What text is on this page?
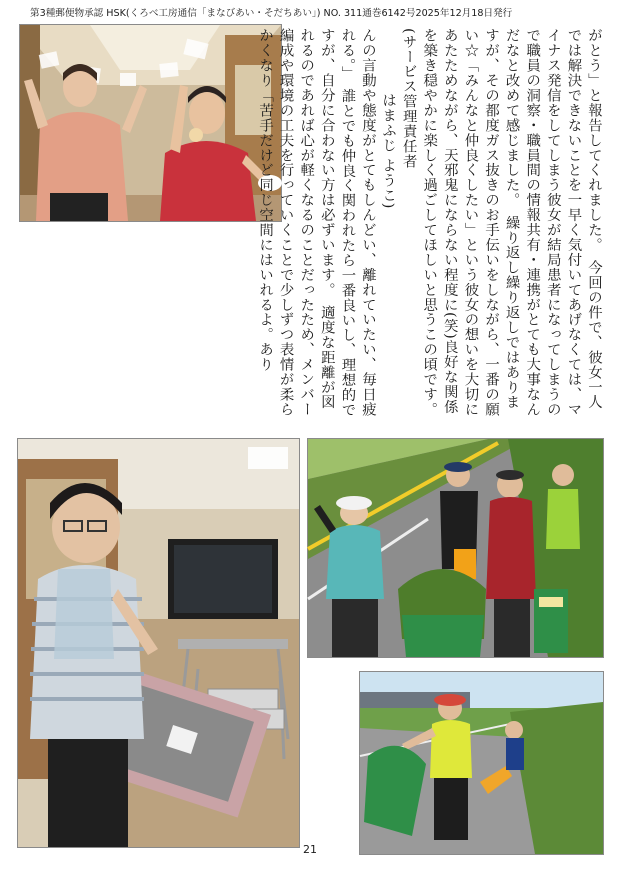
第3種郵便物承認 HSK(くろべ工房通信「まなびあい・そだちあい」) NO. 311通巻6142号2025年12月18日発行

がとう」と報告してくれました。　今回の件で、彼女一人では解決できないことを一早く気付いてあげなくては、マイナス発信をしてしまう彼女が結局患者になってしまうので職員の洞察・職員間の情報共有・連携がとても大事なんだなと改めて感じました。　繰り返し繰り返しではありますが、その都度ガス抜きのお手伝いをしながら、一番の願い☆「みんなと仲良くしたい」という彼女の想いを大切にあたためながら、天邪鬼にならない程度に(笑)良好な関係を築き穏やかに楽しく過ごしてほしいと思うこの頃です。

(サービス管理責任者

はまふじ ようこ)

んの言動や態度がとてもしんどい、離れていたい、毎日疲れる。」　誰とでも仲良く関われたら一番良いし、理想的ですが、自分に合わない方は必ずいます。　適度な距離が図れるのであれば心が軽くなるのことだったため、メンバー編成や環境の工夫を行っていくことで少しずつ表情が柔らかくなり「苦手だけど同じ空間にはいれるよ。あり

21
